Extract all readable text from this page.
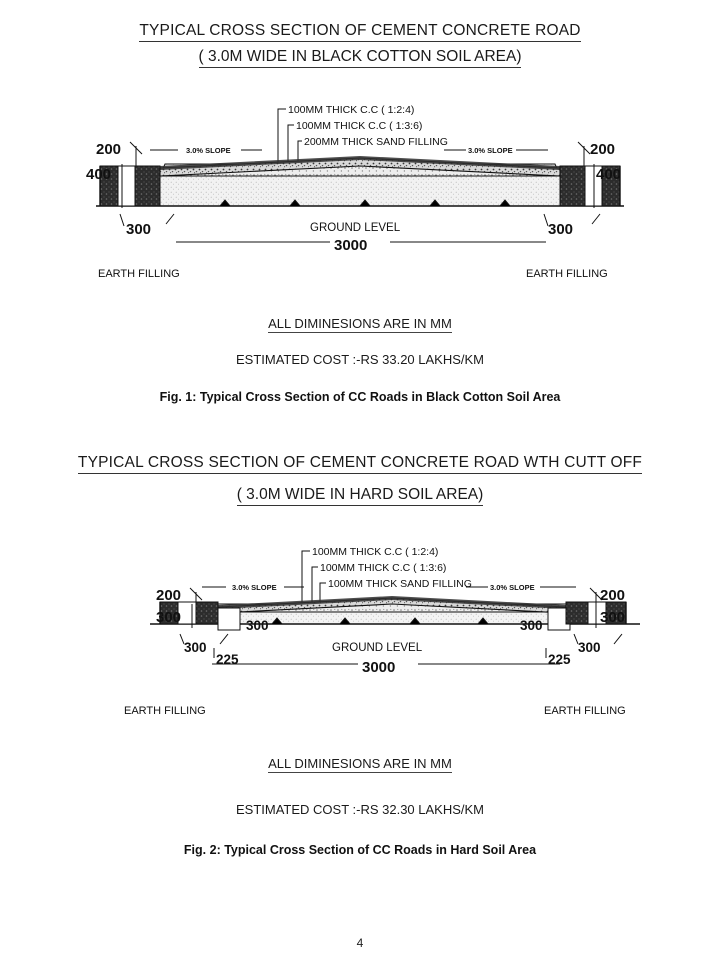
TYPICAL CROSS SECTION OF CEMENT CONCRETE ROAD
( 3.0M WIDE IN BLACK COTTON SOIL AREA)
100MM THICK C.C ( 1:2:4)
100MM THICK C.C ( 1:3:6)
200MM THICK SAND FILLING
3.0% SLOPE	3.0% SLOPE
200
400
300
200
400
300
GROUND LEVEL
3000
EARTH FILLING	EARTH FILLING
ALL DIMINESIONS ARE IN MM
ESTIMATED COST :-RS 33.20 LAKHS/KM
Fig. 1: Typical Cross Section of CC Roads in Black Cotton Soil Area
TYPICAL CROSS SECTION OF CEMENT CONCRETE ROAD WTH CUTT OFF
( 3.0M WIDE IN HARD SOIL AREA)
100MM THICK C.C ( 1:2:4)
100MM THICK C.C ( 1:3:6)
100MM THICK SAND FILLING
3.0% SLOPE	3.0% SLOPE
200
300
300
225
300
200
300
300
225
300
GROUND LEVEL
3000
EARTH FILLING	EARTH FILLING
ALL DIMINESIONS ARE IN MM
ESTIMATED COST :-RS 32.30 LAKHS/KM
Fig. 2: Typical Cross Section of CC Roads in Hard Soil Area
4
